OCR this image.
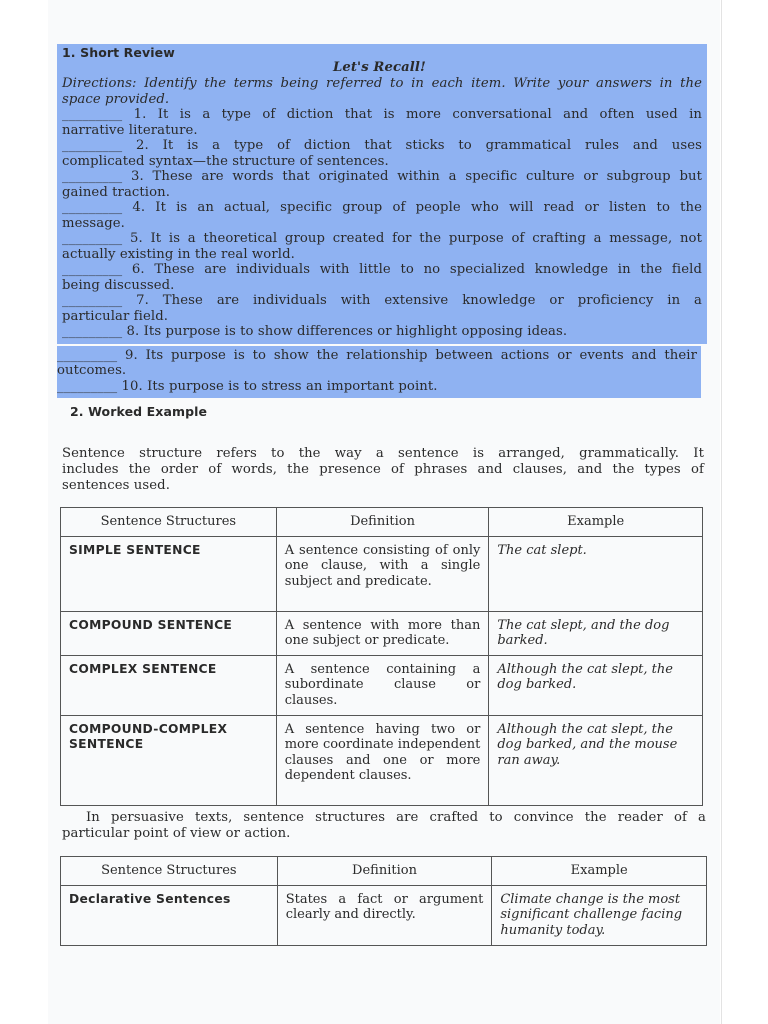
1. Short Review
Let's Recall!
Directions: Identify the terms being referred to in each item. Write your answers in the
space provided.
_________ 1. It is a type of diction that is more conversational and often used in
narrative literature.
_________ 2. It is a type of diction that sticks to grammatical rules and uses
complicated syntax—the structure of sentences.
_________ 3. These are words that originated within a specific culture or subgroup but
gained traction.
_________ 4. It is an actual, specific group of people who will read or listen to the
message.
_________ 5. It is a theoretical group created for the purpose of crafting a message, not
actually existing in the real world.
_________ 6. These are individuals with little to no specialized knowledge in the field
being discussed.
_________ 7. These are individuals with extensive knowledge or proficiency in a
particular field.
_________ 8. Its purpose is to show differences or highlight opposing ideas.
_________ 9. Its purpose is to show the relationship between actions or events and their
outcomes.
_________ 10. Its purpose is to stress an important point.
2. Worked Example
Sentence structure refers to the way a sentence is arranged, grammatically. It
includes the order of words, the presence of phrases and clauses, and the types of
sentences used.
Sentence Structures	Definition	Example
SIMPLE SENTENCE	A sentence consisting of only one clause, with a single subject and predicate.	The cat slept.
COMPOUND SENTENCE	A sentence with more than one subject or predicate.	The cat slept, and the dog barked.
COMPLEX SENTENCE	A sentence containing a subordinate clause or clauses.	Although the cat slept, the dog barked.
COMPOUND-COMPLEX SENTENCE	A sentence having two or more coordinate independent clauses and one or more dependent clauses.	Although the cat slept, the dog barked, and the mouse ran away.
In persuasive texts, sentence structures are crafted to convince the reader of a
particular point of view or action.
Sentence Structures	Definition	Example
Declarative Sentences	States a fact or argument clearly and directly.	Climate change is the most significant challenge facing humanity today.
